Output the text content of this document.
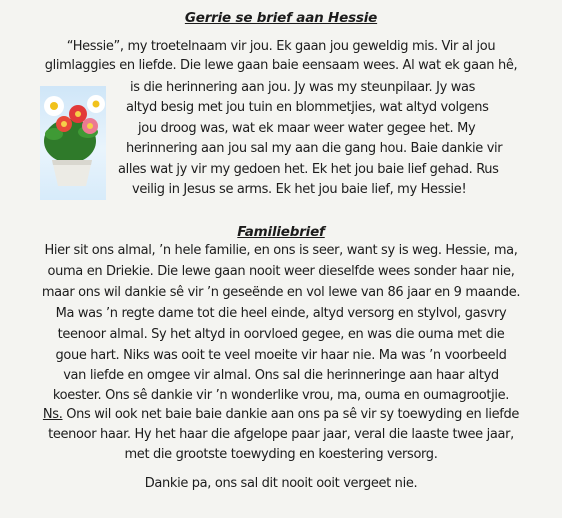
Gerrie se brief aan Hessie
“Hessie”, my troetelnaam vir jou. Ek gaan jou geweldig mis. Vir al jou
glimlaggies en liefde. Die lewe gaan baie eensaam wees. Al wat ek gaan hê,
is die herinnering aan jou. Jy was my steunpilaar. Jy was
altyd besig met jou tuin en blommetjies, wat altyd volgens
jou droog was, wat ek maar weer water gegee het. My
herinnering aan jou sal my aan die gang hou. Baie dankie vir
alles wat jy vir my gedoen het. Ek het jou baie lief gehad. Rus
veilig in Jesus se arms. Ek het jou baie lief, my Hessie!
Familiebrief
Hier sit ons almal, ’n hele familie, en ons is seer, want sy is weg. Hessie, ma,
ouma en Driekie. Die lewe gaan nooit weer dieselfde wees sonder haar nie,
maar ons wil dankie sê vir ’n geseënde en vol lewe van 86 jaar en 9 maande.
Ma was ’n regte dame tot die heel einde, altyd versorg en stylvol, gasvry
teenoor almal. Sy het altyd in oorvloed gegee, en was die ouma met die
goue hart. Niks was ooit te veel moeite vir haar nie. Ma was ’n voorbeeld
van liefde en omgee vir almal. Ons sal die herinneringe aan haar altyd
koester. Ons sê dankie vir ’n wonderlike vrou, ma, ouma en oumagrootjie.
Ns. Ons wil ook net baie baie dankie aan ons pa sê vir sy toewyding en liefde
teenoor haar. Hy het haar die afgelope paar jaar, veral die laaste twee jaar,
met die grootste toewyding en koestering versorg.
Dankie pa, ons sal dit nooit ooit vergeet nie.
